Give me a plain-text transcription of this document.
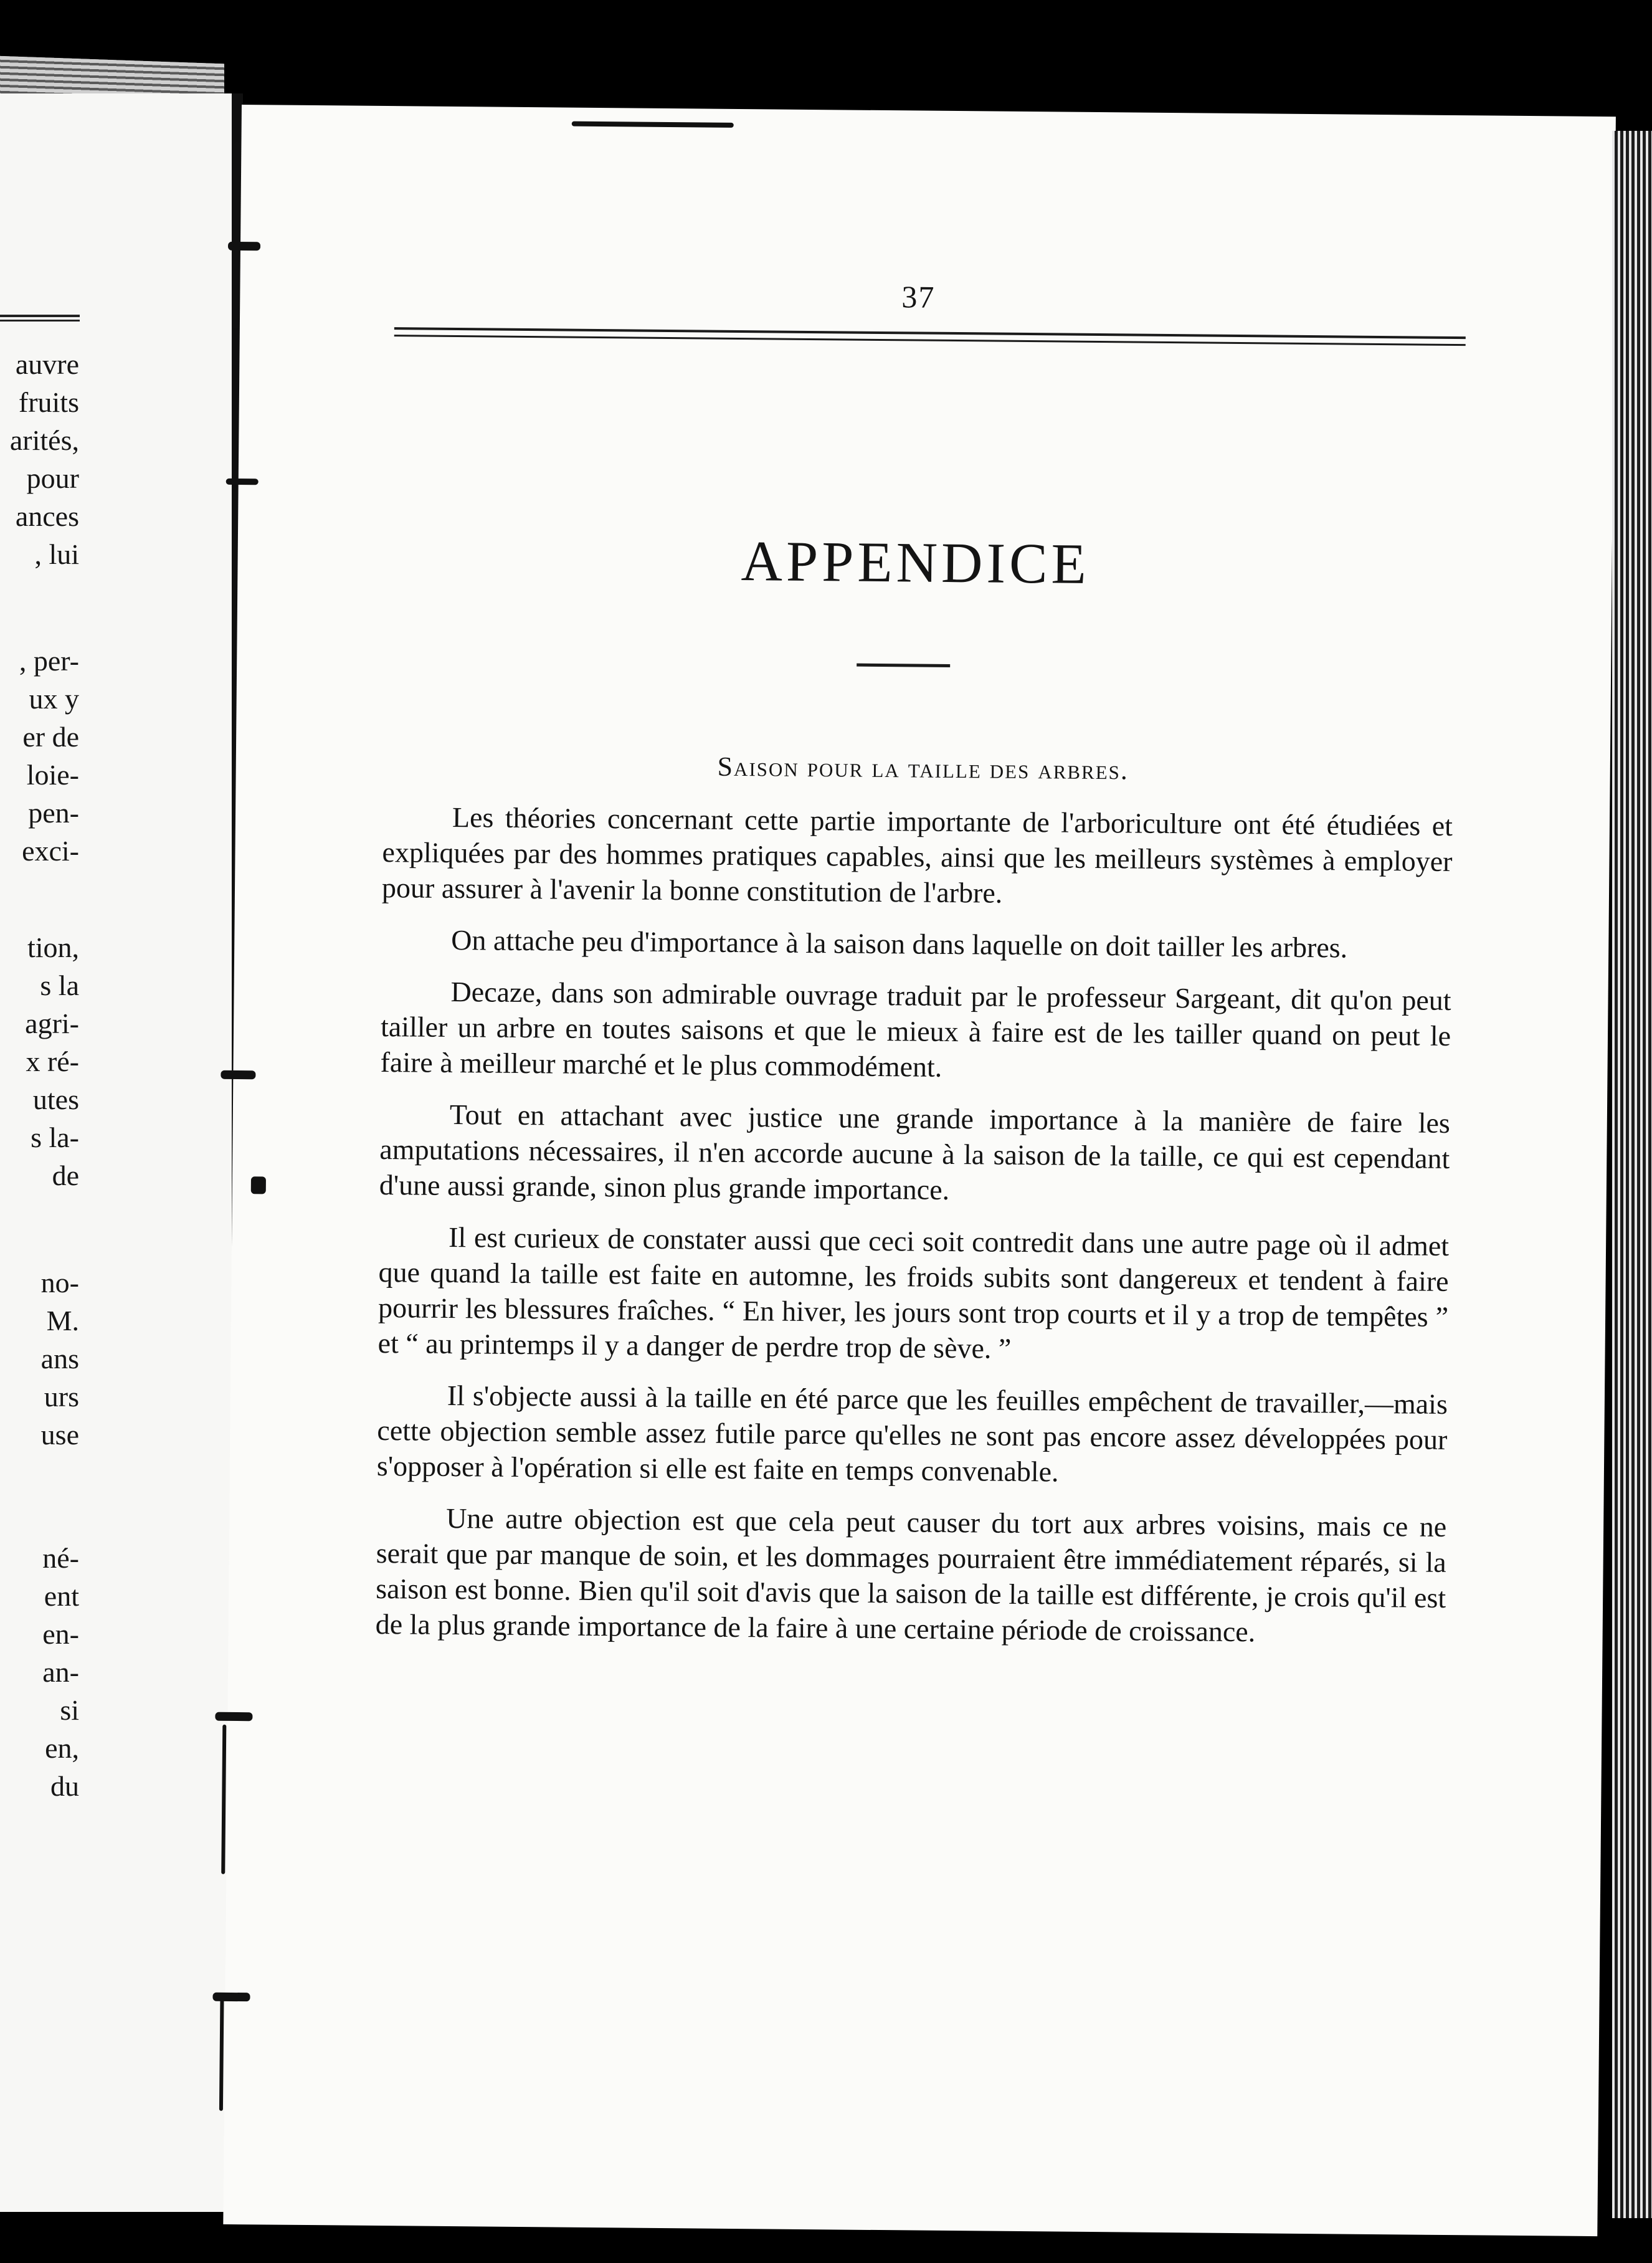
auvre
fruits
arités,
pour
ances
, lui
, per-
ux y
er de
loie-
pen-
exci-
tion,
s la
agri-
x ré-
utes
s la-
de
no-
M.
ans
urs
use
né-
ent
en-
an-
si
en,
du
37
APPENDICE
Saison pour la taille des arbres.

Les théories concernant cette partie importante de l'arboriculture ont été étudiées et expliquées par des hommes pratiques capables, ainsi que les meilleurs systèmes à employer pour assurer à l'avenir la bonne constitution de l'arbre.

On attache peu d'importance à la saison dans laquelle on doit tailler les arbres.

Decaze, dans son admirable ouvrage traduit par le professeur Sargeant, dit qu'on peut tailler un arbre en toutes saisons et que le mieux à faire est de les tailler quand on peut le faire à meilleur marché et le plus commodément.

Tout en attachant avec justice une grande importance à la manière de faire les amputations nécessaires, il n'en accorde aucune à la saison de la taille, ce qui est cependant d'une aussi grande, sinon plus grande importance.

Il est curieux de constater aussi que ceci soit contredit dans une autre page où il admet que quand la taille est faite en automne, les froids subits sont dangereux et tendent à faire pourrir les blessures fraîches. “ En hiver, les jours sont trop courts et il y a trop de tempêtes ” et “ au printemps il y a danger de perdre trop de sève. ”

Il s'objecte aussi à la taille en été parce que les feuilles empêchent de travailler,—mais cette objection semble assez futile parce qu'elles ne sont pas encore assez développées pour s'opposer à l'opération si elle est faite en temps convenable.

Une autre objection est que cela peut causer du tort aux arbres voisins, mais ce ne serait que par manque de soin, et les dommages pourraient être immédiatement réparés, si la saison est bonne. Bien qu'il soit d'avis que la saison de la taille est différente, je crois qu'il est de la plus grande importance de la faire à une certaine période de croissance.
